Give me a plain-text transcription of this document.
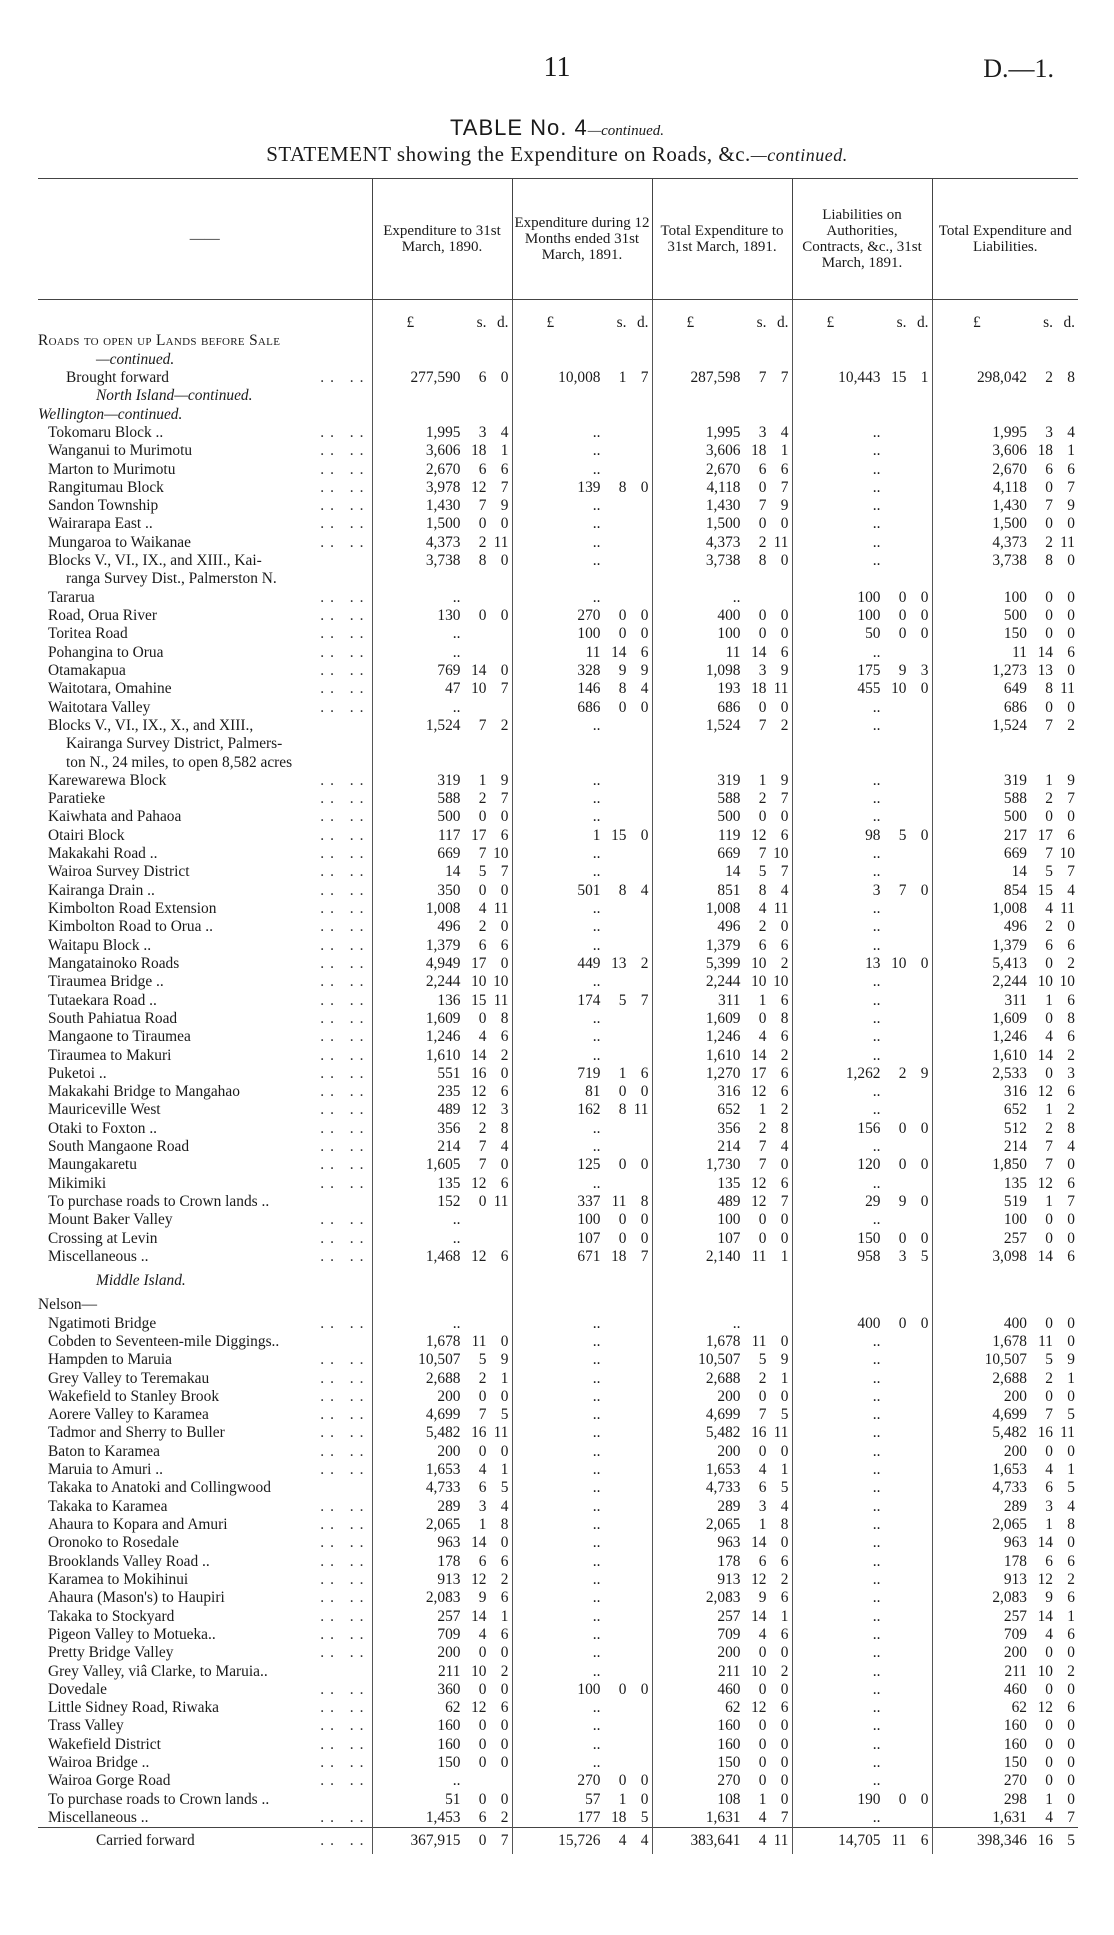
11	D.—1.
TABLE No. 4—continued.
STATEMENT showing the Expenditure on Roads, &c.—continued.
——	Expenditure to 31st March, 1890.	Expenditure during 12 Months ended 31st March, 1891.	Total Expenditure to 31st March, 1891.	Liabilities on Authorities, Contracts, &c., 31st March, 1891.	Total Expenditure and Liabilities.

	£ s. d.	£ s. d.	£ s. d.	£ s. d.	£ s. d.

Roads to open up Lands before Sale					

—continued.					

Brought forward .. ..	277,590 6 0	10,008 1 7	287,598 7 7	10,443 15 1	298,042 2 8

North Island—continued.					

Wellington—continued.					

Tokomaru Block .. .. ..	1,995 3 4	..	1,995 3 4	..	1,995 3 4

Wanganui to Murimotu .. ..	3,606 18 1	..	3,606 18 1	..	3,606 18 1

Marton to Murimotu .. ..	2,670 6 6	..	2,670 6 6	..	2,670 6 6

Rangitumau Block .. ..	3,978 12 7	139 8 0	4,118 0 7	..	4,118 0 7

Sandon Township .. ..	1,430 7 9	..	1,430 7 9	..	1,430 7 9

Wairarapa East .. .. ..	1,500 0 0	..	1,500 0 0	..	1,500 0 0

Mungaroa to Waikanae .. ..	4,373 2 11	..	4,373 2 11	..	4,373 2 11

Blocks V., VI., IX., and XIII., Kai-	3,738 8 0	..	3,738 8 0	..	3,738 8 0

ranga Survey Dist., Palmerston N.					

Tararua .. ..	..	..	..	100 0 0	100 0 0

Road, Orua River .. ..	130 0 0	270 0 0	400 0 0	100 0 0	500 0 0

Toritea Road .. ..	..	100 0 0	100 0 0	50 0 0	150 0 0

Pohangina to Orua .. ..	..	11 14 6	11 14 6	..	11 14 6

Otamakapua .. ..	769 14 0	328 9 9	1,098 3 9	175 9 3	1,273 13 0

Waitotara, Omahine .. ..	47 10 7	146 8 4	193 18 11	455 10 0	649 8 11

Waitotara Valley .. ..	..	686 0 0	686 0 0	..	686 0 0

Blocks V., VI., IX., X., and XIII.,	1,524 7 2	..	1,524 7 2	..	1,524 7 2

Kairanga Survey District, Palmers-					

ton N., 24 miles, to open 8,582 acres					

Karewarewa Block .. ..	319 1 9	..	319 1 9	..	319 1 9

Paratieke .. ..	588 2 7	..	588 2 7	..	588 2 7

Kaiwhata and Pahaoa .. ..	500 0 0	..	500 0 0	..	500 0 0

Otairi Block .. ..	117 17 6	1 15 0	119 12 6	98 5 0	217 17 6

Makakahi Road .. .. ..	669 7 10	..	669 7 10	..	669 7 10

Wairoa Survey District .. ..	14 5 7	..	14 5 7	..	14 5 7

Kairanga Drain .. .. ..	350 0 0	501 8 4	851 8 4	3 7 0	854 15 4

Kimbolton Road Extension .. ..	1,008 4 11	..	1,008 4 11	..	1,008 4 11

Kimbolton Road to Orua .. .. ..	496 2 0	..	496 2 0	..	496 2 0

Waitapu Block .. .. ..	1,379 6 6	..	1,379 6 6	..	1,379 6 6

Mangatainoko Roads .. ..	4,949 17 0	449 13 2	5,399 10 2	13 10 0	5,413 0 2

Tiraumea Bridge .. .. ..	2,244 10 10	..	2,244 10 10	..	2,244 10 10

Tutaekara Road .. .. ..	136 15 11	174 5 7	311 1 6	..	311 1 6

South Pahiatua Road .. ..	1,609 0 8	..	1,609 0 8	..	1,609 0 8

Mangaone to Tiraumea .. ..	1,246 4 6	..	1,246 4 6	..	1,246 4 6

Tiraumea to Makuri .. ..	1,610 14 2	..	1,610 14 2	..	1,610 14 2

Puketoi .. .. ..	551 16 0	719 1 6	1,270 17 6	1,262 2 9	2,533 0 3

Makakahi Bridge to Mangahao .. ..	235 12 6	81 0 0	316 12 6	..	316 12 6

Mauriceville West .. ..	489 12 3	162 8 11	652 1 2	..	652 1 2

Otaki to Foxton .. .. ..	356 2 8	..	356 2 8	156 0 0	512 2 8

South Mangaone Road .. ..	214 7 4	..	214 7 4	..	214 7 4

Maungakaretu .. ..	1,605 7 0	125 0 0	1,730 7 0	120 0 0	1,850 7 0

Mikimiki .. ..	135 12 6	..	135 12 6	..	135 12 6

To purchase roads to Crown lands ..	152 0 11	337 11 8	489 12 7	29 9 0	519 1 7

Mount Baker Valley .. ..	..	100 0 0	100 0 0	..	100 0 0

Crossing at Levin .. ..	..	107 0 0	107 0 0	150 0 0	257 0 0

Miscellaneous .. .. ..	1,468 12 6	671 18 7	2,140 11 1	958 3 5	3,098 14 6

Middle Island.					

Nelson—					

Ngatimoti Bridge .. ..	..	..	..	400 0 0	400 0 0

Cobden to Seventeen-mile Diggings..	1,678 11 0	..	1,678 11 0	..	1,678 11 0

Hampden to Maruia .. ..	10,507 5 9	..	10,507 5 9	..	10,507 5 9

Grey Valley to Teremakau .. ..	2,688 2 1	..	2,688 2 1	..	2,688 2 1

Wakefield to Stanley Brook .. ..	200 0 0	..	200 0 0	..	200 0 0

Aorere Valley to Karamea .. ..	4,699 7 5	..	4,699 7 5	..	4,699 7 5

Tadmor and Sherry to Buller .. ..	5,482 16 11	..	5,482 16 11	..	5,482 16 11

Baton to Karamea .. ..	200 0 0	..	200 0 0	..	200 0 0

Maruia to Amuri .. .. ..	1,653 4 1	..	1,653 4 1	..	1,653 4 1

Takaka to Anatoki and Collingwood	4,733 6 5	..	4,733 6 5	..	4,733 6 5

Takaka to Karamea .. ..	289 3 4	..	289 3 4	..	289 3 4

Ahaura to Kopara and Amuri .. ..	2,065 1 8	..	2,065 1 8	..	2,065 1 8

Oronoko to Rosedale .. ..	963 14 0	..	963 14 0	..	963 14 0

Brooklands Valley Road .. .. ..	178 6 6	..	178 6 6	..	178 6 6

Karamea to Mokihinui .. ..	913 12 2	..	913 12 2	..	913 12 2

Ahaura (Mason's) to Haupiri .. ..	2,083 9 6	..	2,083 9 6	..	2,083 9 6

Takaka to Stockyard .. ..	257 14 1	..	257 14 1	..	257 14 1

Pigeon Valley to Motueka.. .. ..	709 4 6	..	709 4 6	..	709 4 6

Pretty Bridge Valley .. ..	200 0 0	..	200 0 0	..	200 0 0

Grey Valley, viâ Clarke, to Maruia..	211 10 2	..	211 10 2	..	211 10 2

Dovedale .. ..	360 0 0	100 0 0	460 0 0	..	460 0 0

Little Sidney Road, Riwaka .. ..	62 12 6	..	62 12 6	..	62 12 6

Trass Valley .. ..	160 0 0	..	160 0 0	..	160 0 0

Wakefield District .. ..	160 0 0	..	160 0 0	..	160 0 0

Wairoa Bridge .. .. ..	150 0 0	..	150 0 0	..	150 0 0

Wairoa Gorge Road .. ..	..	270 0 0	270 0 0	..	270 0 0

To purchase roads to Crown lands ..	51 0 0	57 1 0	108 1 0	190 0 0	298 1 0

Miscellaneous .. .. ..	1,453 6 2	177 18 5	1,631 4 7	..	1,631 4 7

Carried forward .. ..	367,915 0 7	15,726 4 4	383,641 4 11	14,705 11 6	398,346 16 5
